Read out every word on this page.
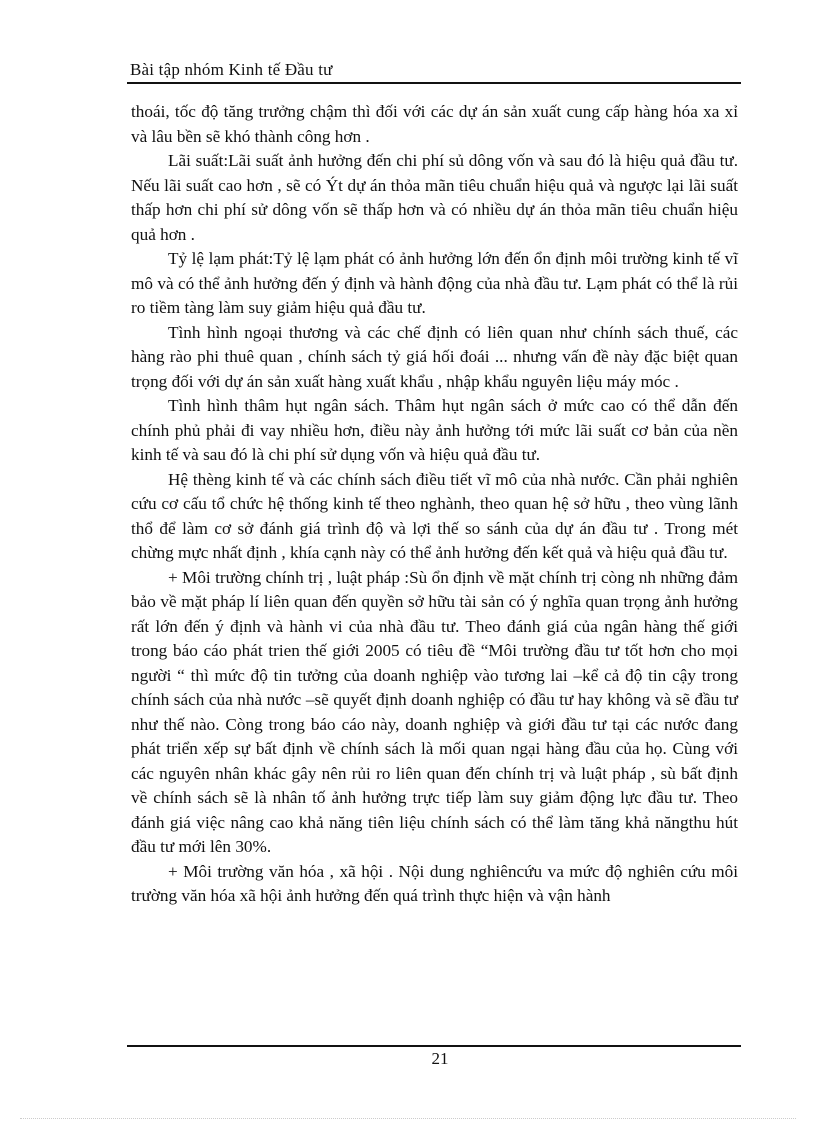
Bài tập nhóm Kinh tế Đầu tư

thoái, tốc độ tăng trưởng chậm thì đối với các dự án sản xuất cung cấp hàng hóa xa xỉ và lâu bền sẽ khó thành công hơn .

Lãi suất:Lãi suất ảnh hưởng đến chi phí sủ dông vốn và sau đó là hiệu quả đầu tư. Nếu lãi suất cao hơn , sẽ có Ýt dự án thỏa mãn tiêu chuẩn hiệu quả và ngược lại lãi suất thấp hơn chi phí sử dông vốn sẽ thấp hơn và có nhiều dự án thỏa mãn tiêu chuẩn hiệu quả hơn .

Tỷ lệ lạm phát:Tỷ lệ lạm phát có ảnh hưởng lớn đến ổn định môi trường kinh tế vĩ mô và có thể ảnh hưởng đến ý định và hành động của nhà đầu tư. Lạm phát có thể là rủi ro tiềm tàng làm suy giảm hiệu quả đầu tư.

Tình hình ngoại thương và các chế định có liên quan như chính sách thuế, các hàng rào phi thuê quan , chính sách tỷ giá hối đoái ... nhưng vấn đề này đặc biệt quan trọng đối với dự án sản xuất hàng xuất khẩu , nhập khẩu nguyên liệu máy móc .

Tình hình thâm hụt ngân sách. Thâm hụt ngân sách ở mức cao có thể dẫn đến chính phủ phải đi vay nhiều hơn, điều này ảnh hưởng tới mức lãi suất cơ bản của nền kinh tế và sau đó là chi phí sử dụng vốn và hiệu quả đầu tư.

Hệ thèng kinh tế và các chính sách điều tiết vĩ mô của nhà nước. Cần phải nghiên cứu cơ cấu tổ chức hệ thống kinh tế theo nghành, theo quan hệ sở hữu , theo vùng lãnh thổ để làm cơ sở đánh giá trình độ và lợi thế so sánh của dự án đầu tư . Trong mét chừng mực nhất định , khía cạnh này có thể ảnh hưởng đến kết quả và hiệu quả đầu tư.

+ Môi trường chính trị , luật pháp :Sù ổn định về mặt chính trị còng nh những đảm bảo về mặt pháp lí liên quan đến quyền sở hữu tài sản có ý nghĩa quan trọng ảnh hưởng rất lớn đến ý định và hành vi của nhà đầu tư. Theo đánh giá của ngân hàng thế giới trong báo cáo phát trien thế giới 2005 có tiêu đề “Môi trường đầu tư tốt hơn cho mọi người “ thì mức độ tin tưởng của doanh nghiệp vào tương lai –kể cả độ tin cậy trong chính sách của nhà nước –sẽ quyết định doanh nghiệp có đầu tư hay không và sẽ đầu tư như thế nào. Còng trong báo cáo này, doanh nghiệp và giới đầu tư tại các nước đang phát triển xếp sự bất định về chính sách là mối quan ngại hàng đầu của họ. Cùng với các nguyên nhân khác gây nên rủi ro liên quan đến chính trị và luật pháp , sù bất định về chính sách sẽ là nhân tố ảnh hưởng trực tiếp làm suy giảm động lực đầu tư. Theo đánh giá việc nâng cao khả năng tiên liệu chính sách có thể làm tăng khả năngthu hút đầu tư mới lên 30%.

+ Môi trường văn hóa , xã hội . Nội dung nghiêncứu va mức độ nghiên cứu môi trường văn hóa xã hội ảnh hưởng đến quá trình thực hiện và vận hành

21
